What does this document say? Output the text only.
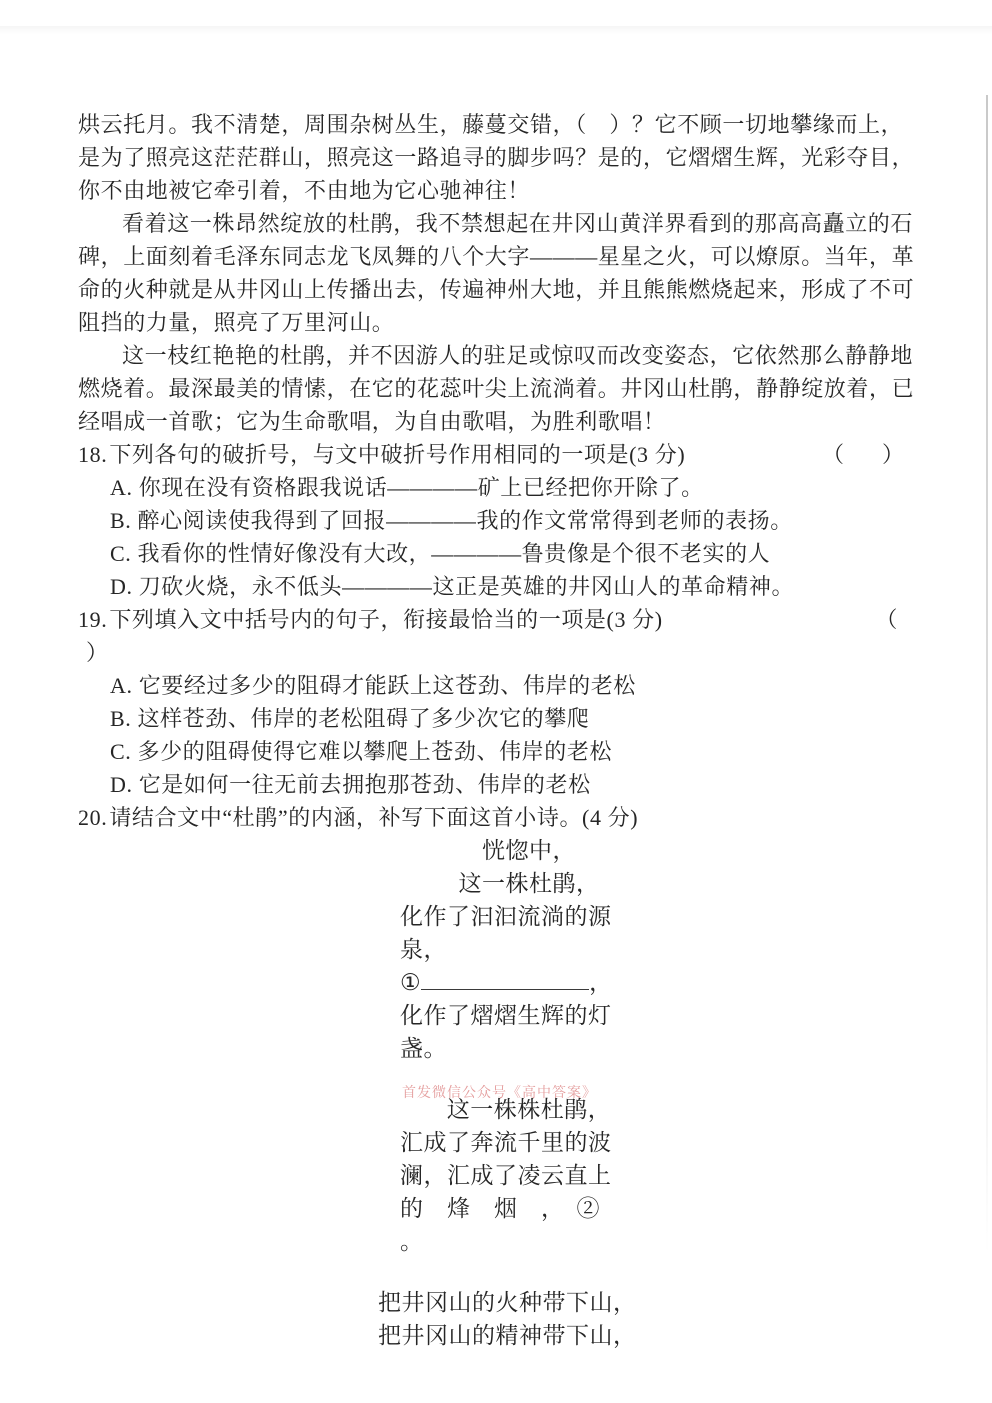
烘云托月。我不清楚，周围杂树丛生，藤蔓交错，（　）？它不顾一切地攀缘而上，
是为了照亮这茫茫群山，照亮这一路追寻的脚步吗？是的，它熠熠生辉，光彩夺目，
你不由地被它牵引着，不由地为它心驰神往！
看着这一株昂然绽放的杜鹃，我不禁想起在井冈山黄洋界看到的那高高矗立的石
碑，上面刻着毛泽东同志龙飞凤舞的八个大字———星星之火，可以燎原。当年，革
命的火种就是从井冈山上传播出去，传遍神州大地，并且熊熊燃烧起来，形成了不可
阻挡的力量，照亮了万里河山。
这一枝红艳艳的杜鹃，并不因游人的驻足或惊叹而改变姿态，它依然那么静静地
燃烧着。最深最美的情愫，在它的花蕊叶尖上流淌着。井冈山杜鹃，静静绽放着，已
经唱成一首歌；它为生命歌唱，为自由歌唱，为胜利歌唱！
18.下列各句的破折号，与文中破折号作用相同的一项是(3 分)	（　）
A. 你现在没有资格跟我说话————矿上已经把你开除了。
B. 醉心阅读使我得到了回报————我的作文常常得到老师的表扬。
C. 我看你的性情好像没有大改，————鲁贵像是个很不老实的人
D. 刀砍火烧，永不低头————这正是英雄的井冈山人的革命精神。
19.下列填入文中括号内的句子，衔接最恰当的一项是(3 分)	（
）
A. 它要经过多少的阻碍才能跃上这苍劲、伟岸的老松
B. 这样苍劲、伟岸的老松阻碍了多少次它的攀爬
C. 多少的阻碍使得它难以攀爬上苍劲、伟岸的老松
D. 它是如何一往无前去拥抱那苍劲、伟岸的老松
20.请结合文中“杜鹃”的内涵，补写下面这首小诗。(4 分)
恍惚中，
这一株杜鹃，
化作了汩汩流淌的源泉，
①	，
化作了熠熠生辉的灯盏。
这一株株杜鹃，
汇成了奔流千里的波
澜，汇成了凌云直上
的　烽　烟　，　②
。
把井冈山的火种带下山，
把井冈山的精神带下山，
首发微信公众号《高中答案》
